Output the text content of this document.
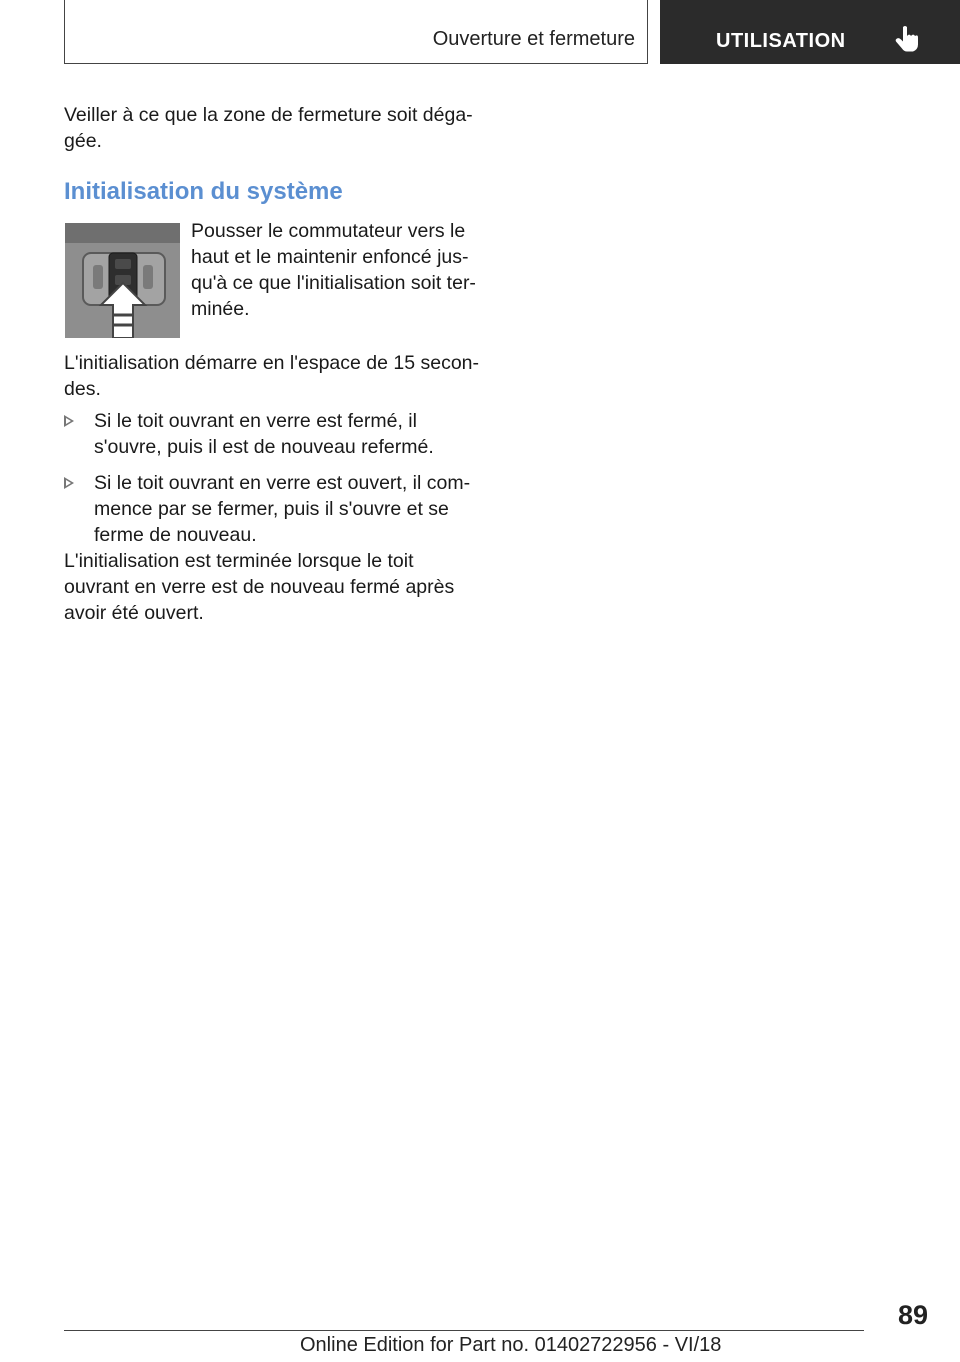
Ouverture et fermeture	UTILISATION
Veiller à ce que la zone de fermeture soit déga-gée.
Initialisation du système
Pousser le commutateur vers le haut et le maintenir enfoncé jus-qu'à ce que l'initialisation soit ter-minée.
L'initialisation démarre en l'espace de 15 secon-des.
Si le toit ouvrant en verre est fermé, il s'ouvre, puis il est de nouveau refermé.
Si le toit ouvrant en verre est ouvert, il com-mence par se fermer, puis il s'ouvre et se ferme de nouveau.
L'initialisation est terminée lorsque le toit ouvrant en verre est de nouveau fermé après avoir été ouvert.
89
Online Edition for Part no. 01402722956 - VI/18
